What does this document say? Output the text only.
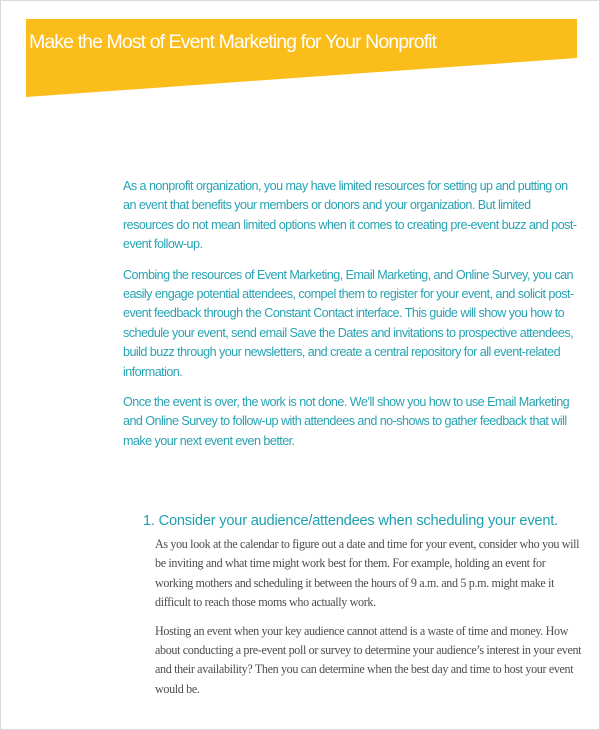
Make the Most of Event Marketing for Your Nonprofit

As a nonprofit organization, you may have limited resources for setting up and putting on an event that benefits your members or donors and your organization. But limited resources do not mean limited options when it comes to creating pre-event buzz and post-event follow-up.

Combing the resources of Event Marketing, Email Marketing, and Online Survey, you can easily engage potential attendees, compel them to register for your event, and solicit post-event feedback through the Constant Contact interface. This guide will show you how to schedule your event, send email Save the Dates and invitations to prospective attendees, build buzz through your newsletters, and create a central repository for all event-related information.

Once the event is over, the work is not done. We’ll show you how to use Email Marketing and Online Survey to follow-up with attendees and no-shows to gather feedback that will make your next event even better.

1. Consider your audience/attendees when scheduling your event.

As you look at the calendar to figure out a date and time for your event, consider who you will be inviting and what time might work best for them. For example, holding an event for working mothers and scheduling it between the hours of 9 a.m. and 5 p.m. might make it difficult to reach those moms who actually work.

Hosting an event when your key audience cannot attend is a waste of time and money. How about conducting a pre-event poll or survey to determine your audience’s interest in your event and their availability? Then you can determine when the best day and time to host your event would be.
